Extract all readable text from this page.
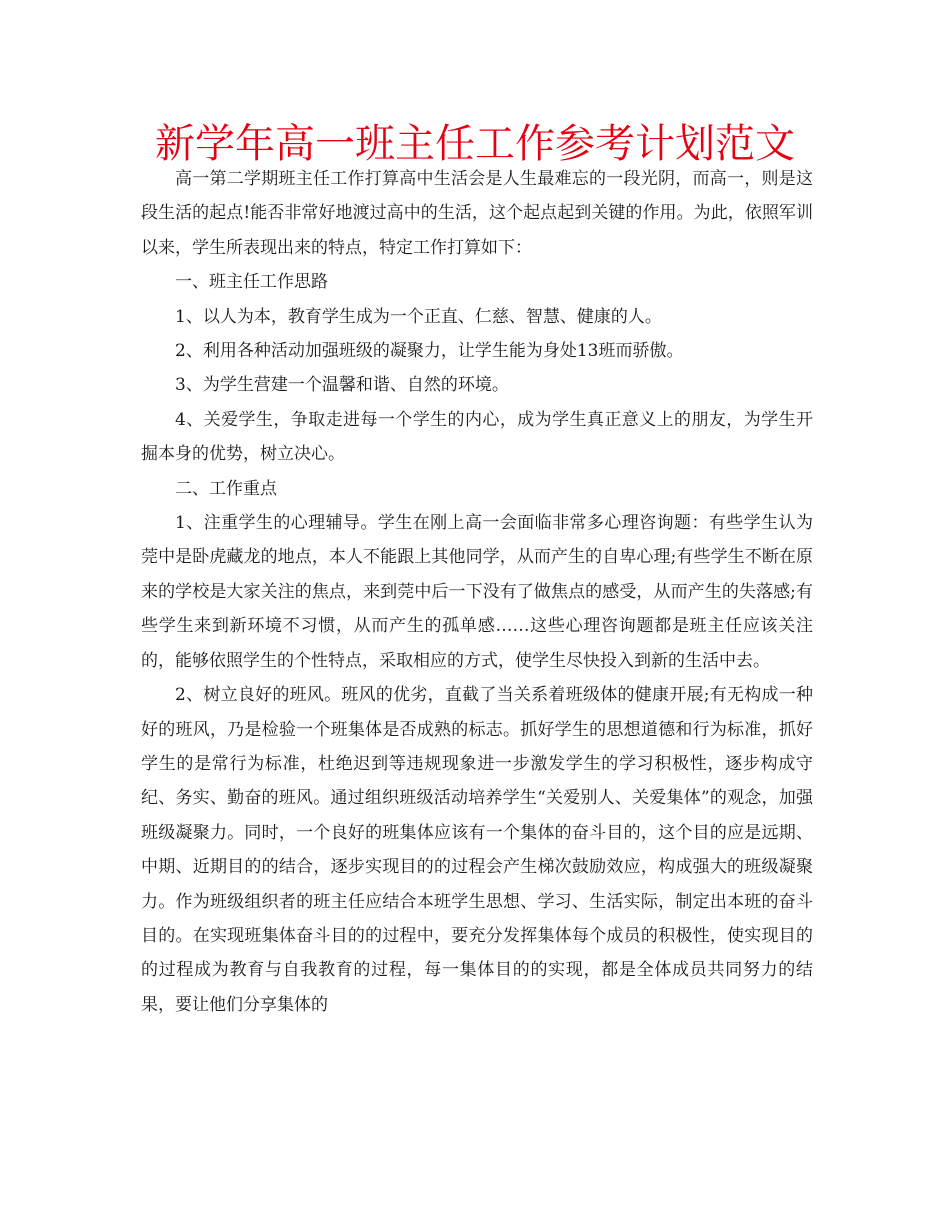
新学年高一班主任工作参考计划范文

高一第二学期班主任工作打算高中生活会是人生最难忘的一段光阴，而高一，则是这段生活的起点!能否非常好地渡过高中的生活，这个起点起到关键的作用。为此，依照军训以来，学生所表现出来的特点，特定工作打算如下：

一、班主任工作思路

1、以人为本，教育学生成为一个正直、仁慈、智慧、健康的人。

2、利用各种活动加强班级的凝聚力，让学生能为身处13班而骄傲。

3、为学生营建一个温馨和谐、自然的环境。

4、关爱学生，争取走进每一个学生的内心，成为学生真正意义上的朋友，为学生开掘本身的优势，树立决心。

二、工作重点

1、注重学生的心理辅导。学生在刚上高一会面临非常多心理咨询题：有些学生认为莞中是卧虎藏龙的地点，本人不能跟上其他同学，从而产生的自卑心理;有些学生不断在原来的学校是大家关注的焦点，来到莞中后一下没有了做焦点的感受，从而产生的失落感;有些学生来到新环境不习惯，从而产生的孤单感……这些心理咨询题都是班主任应该关注的，能够依照学生的个性特点，采取相应的方式，使学生尽快投入到新的生活中去。

2、树立良好的班风。班风的优劣，直截了当关系着班级体的健康开展;有无构成一种好的班风，乃是检验一个班集体是否成熟的标志。抓好学生的思想道德和行为标准，抓好学生的是常行为标准，杜绝迟到等违规现象进一步激发学生的学习积极性，逐步构成守纪、务实、勤奋的班风。通过组织班级活动培养学生“关爱别人、关爱集体”的观念，加强班级凝聚力。同时，一个良好的班集体应该有一个集体的奋斗目的，这个目的应是远期、中期、近期目的的结合，逐步实现目的的过程会产生梯次鼓励效应，构成强大的班级凝聚力。作为班级组织者的班主任应结合本班学生思想、学习、生活实际，制定出本班的奋斗目的。在实现班集体奋斗目的的过程中，要充分发挥集体每个成员的积极性，使实现目的的过程成为教育与自我教育的过程，每一集体目的的实现，都是全体成员共同努力的结果，要让他们分享集体的
